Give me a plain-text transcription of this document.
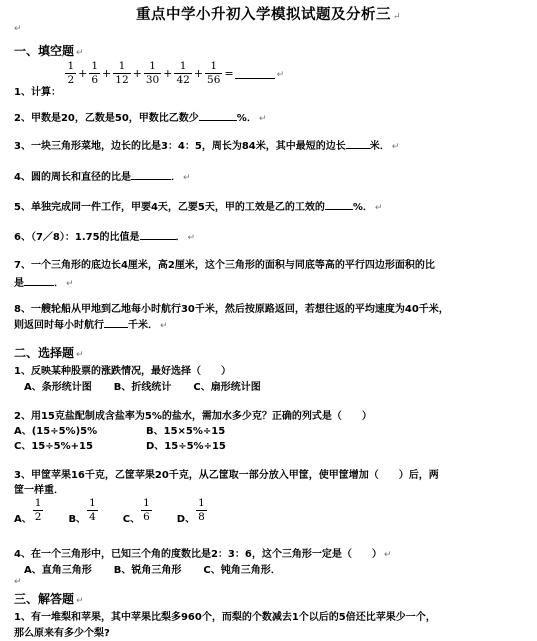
重点中学小升初入学模拟试题及分析三 ↵
↵
一、填空题 ↵
1、计算：
$\frac{1}{2} + \frac{1}{6} + \frac{1}{12} + \frac{1}{30} + \frac{1}{42} + \frac{1}{56}$ =	↵
2、甲数是20，乙数是50，甲数比乙数少	%． ↵
3、一块三角形菜地，边长的比是3：4：5，周长为84米，其中最短的边长 米． ↵
4、圆的周长和直径的比是	． ↵
5、单独完成同一件工作，甲要4天，乙要5天，甲的工效是乙的工效的	%． ↵
6、（7／8）：1.75的比值是	． ↵
7、一个三角形的底边长4厘米，高2厘米，这个三角形的面积与同底等高的平行四边形面积的比
是	． ↵
8、一艘轮船从甲地到乙地每小时航行30千米，然后按原路返回，若想往返的平均速度为40千米，
则返回时每小时航行 千米． ↵
二、选择题 ↵
1、反映某种股票的涨跌情况，最好选择（　　）
A、条形统计图 B、折线统计 C、扇形统计图
2、用15克盐配制成含盐率为5%的盐水，需加水多少克？正确的列式是（　　）
A、(15÷5%)5%	B、15×5%÷15
C、15÷5%+15	D、15÷5%÷15
3、甲筐苹果16千克，乙筐苹果20千克，从乙筐取一部分放入甲筐，使甲筐增加（　　）后，两
筐一样重．
A、 $\frac{1}{2}$	B、 $\frac{1}{4}$	C、 $\frac{1}{6}$	D、 $\frac{1}{8}$
4、在一个三角形中，已知三个角的度数比是2：3：6，这个三角形一定是（　　） ↵
A、直角三角形 B、锐角三角形 C、钝角三角形．
↵
三、解答题 ↵
1、有一堆梨和苹果，其中苹果比梨多960个，而梨的个数减去1个以后的5倍还比苹果少一个，
那么原来有多少个梨?
